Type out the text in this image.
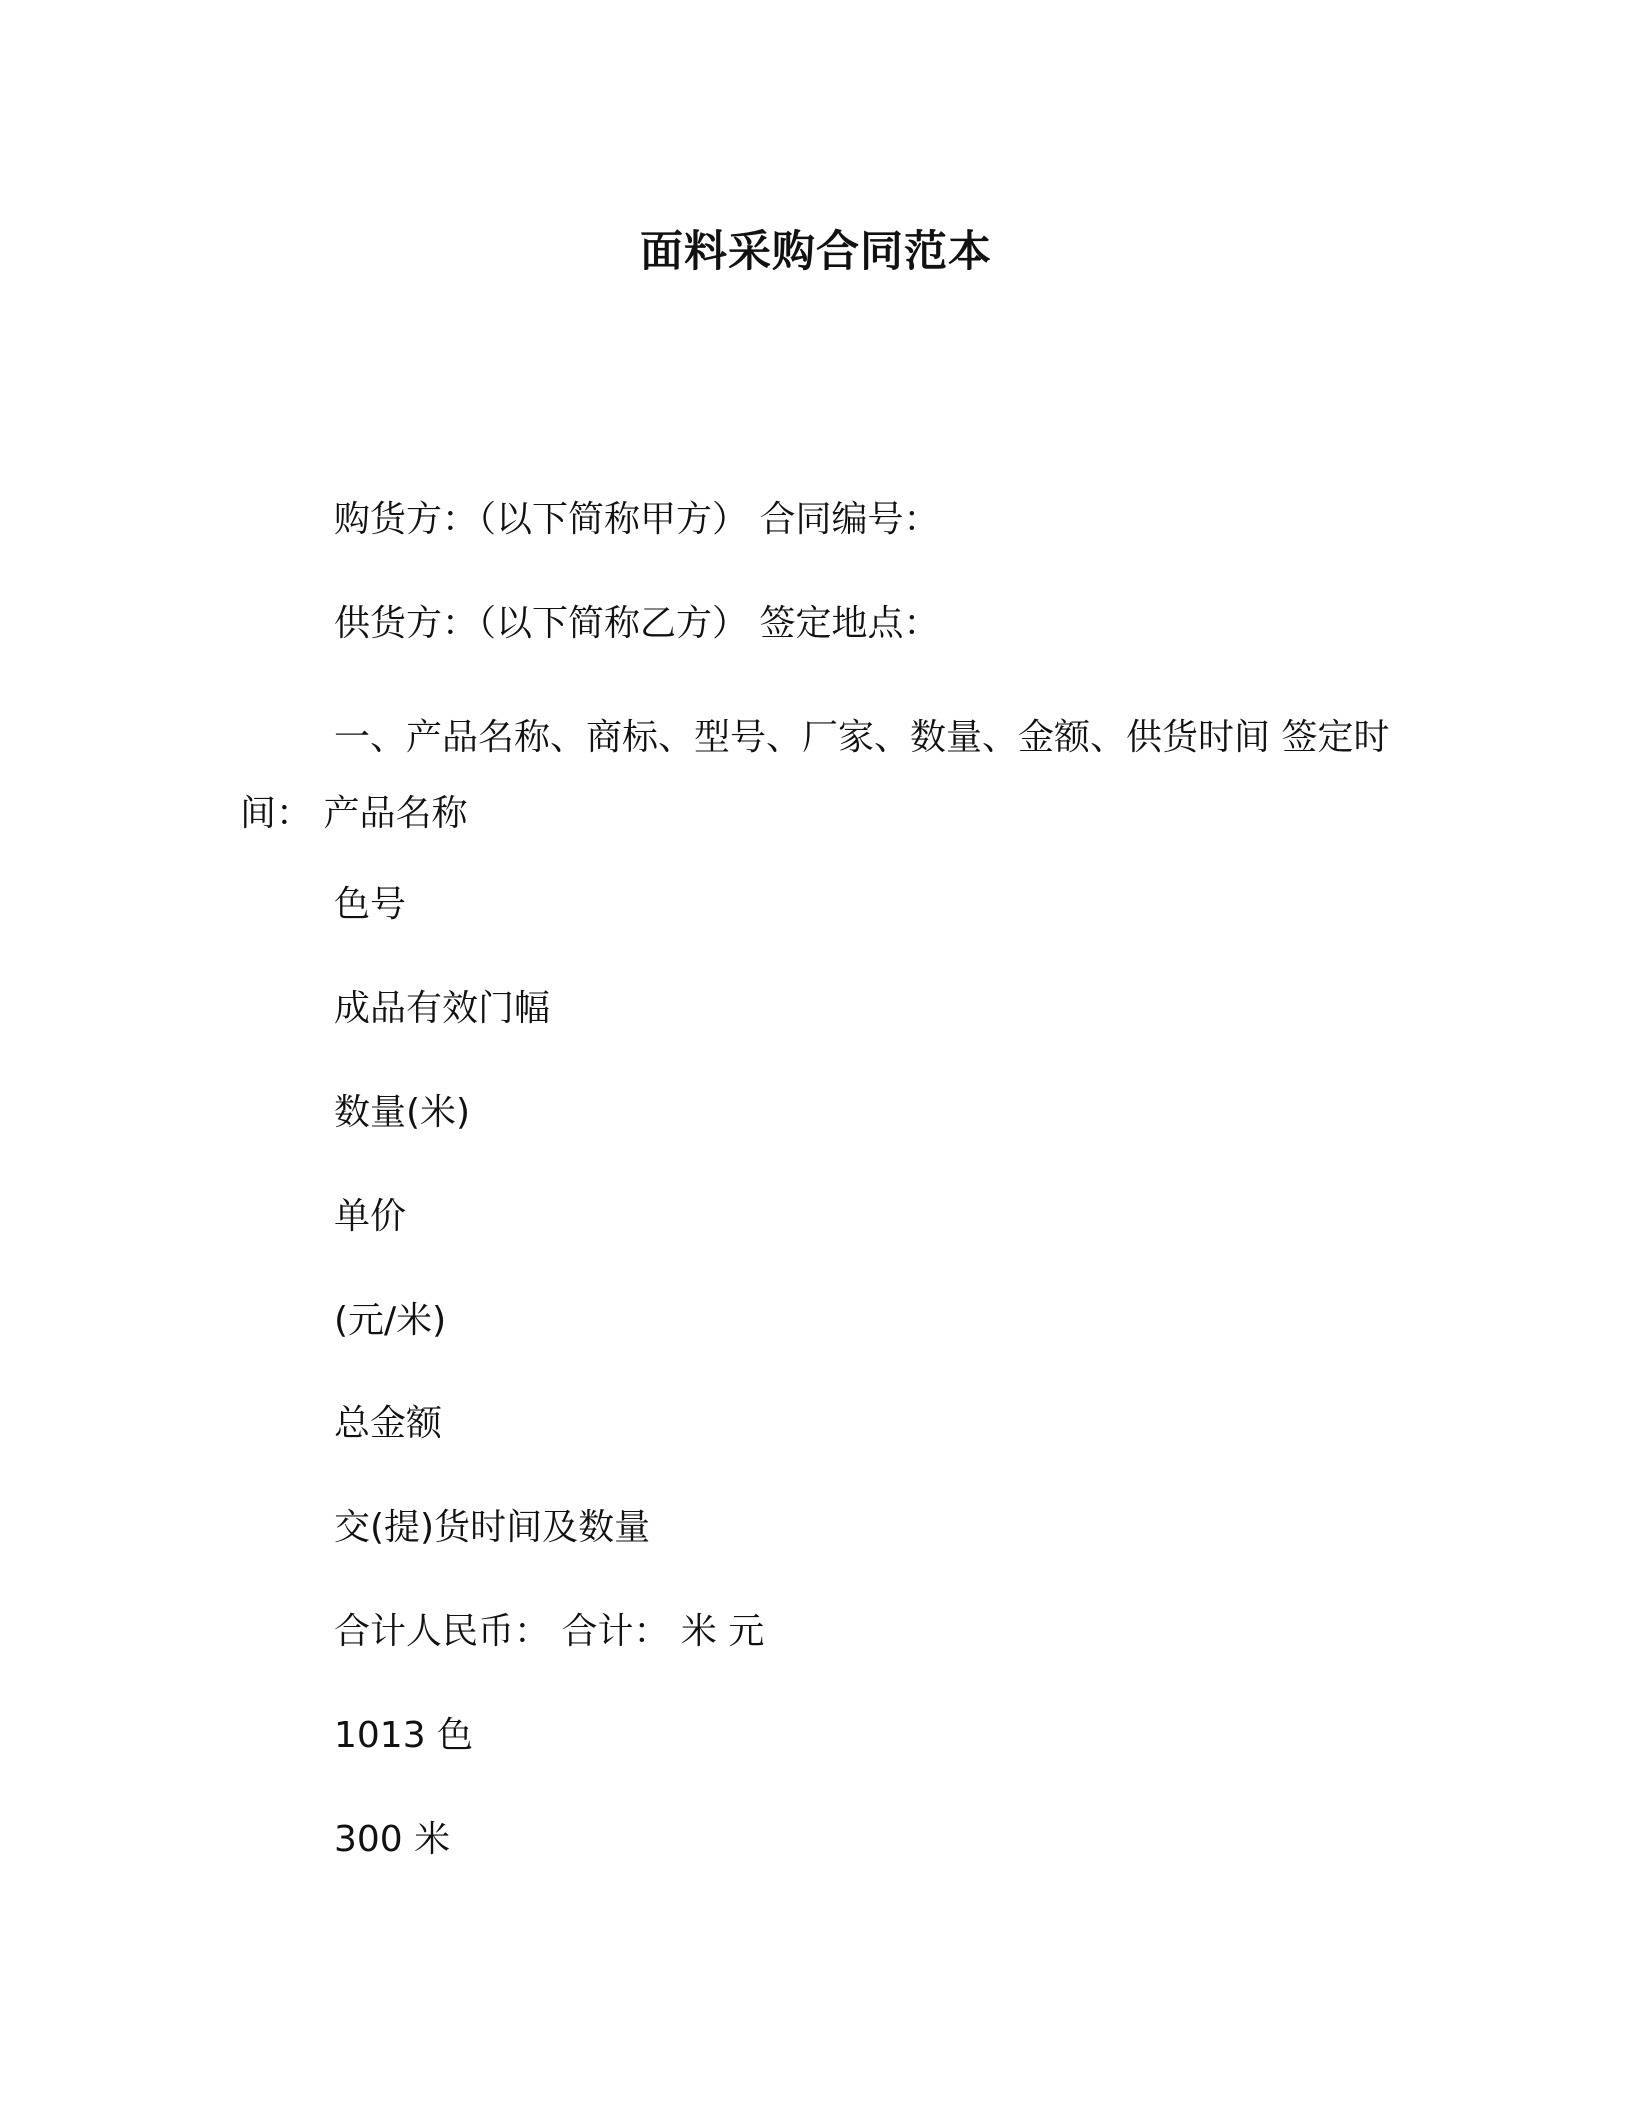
面料采购合同范本
购货方：（以下简称甲方） 合同编号：
供货方：（以下简称乙方） 签定地点：

一、产品名称、商标、型号、厂家、数量、金额、供货时间 签定时间： 产品名称

色号
成品有效门幅
数量(米)
单价
(元/米)
总金额
交(提)货时间及数量
合计人民币： 合计： 米 元
1013 色
300 米
